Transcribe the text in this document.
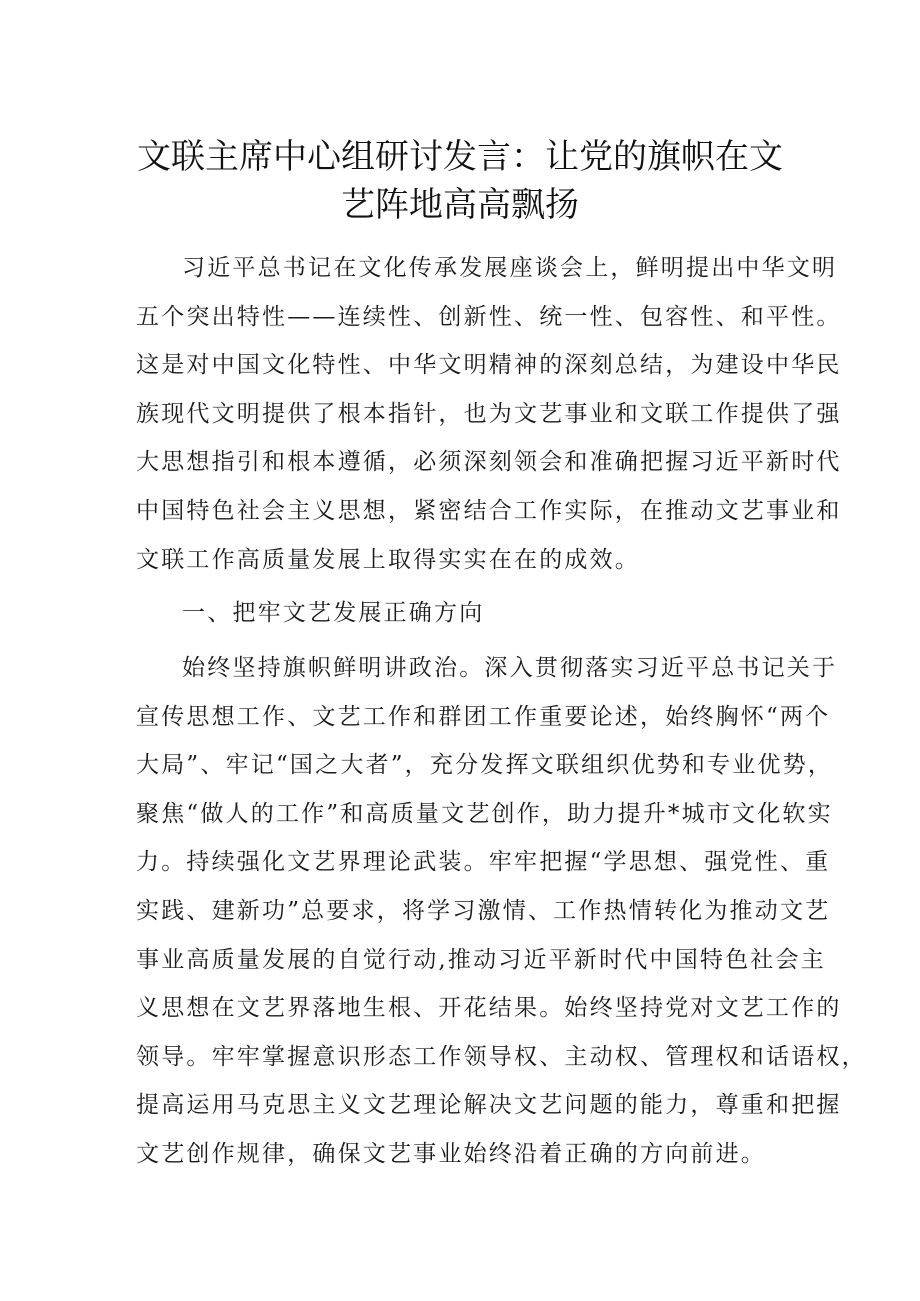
文联主席中心组研讨发言：让党的旗帜在文
艺阵地高高飘扬
习近平总书记在文化传承发展座谈会上，鲜明提出中华文明
五个突出特性——连续性、创新性、统一性、包容性、和平性。
这是对中国文化特性、中华文明精神的深刻总结，为建设中华民
族现代文明提供了根本指针，也为文艺事业和文联工作提供了强
大思想指引和根本遵循，必须深刻领会和准确把握习近平新时代
中国特色社会主义思想，紧密结合工作实际，在推动文艺事业和
文联工作高质量发展上取得实实在在的成效。
一、把牢文艺发展正确方向
始终坚持旗帜鲜明讲政治。深入贯彻落实习近平总书记关于
宣传思想工作、文艺工作和群团工作重要论述，始终胸怀“两个
大局”、牢记“国之大者”，充分发挥文联组织优势和专业优势，
聚焦“做人的工作”和高质量文艺创作，助力提升*城市文化软实
力。持续强化文艺界理论武装。牢牢把握“学思想、强党性、重
实践、建新功”总要求，将学习激情、工作热情转化为推动文艺
事业高质量发展的自觉行动,推动习近平新时代中国特色社会主
义思想在文艺界落地生根、开花结果。始终坚持党对文艺工作的
领导。牢牢掌握意识形态工作领导权、主动权、管理权和话语权，
提高运用马克思主义文艺理论解决文艺问题的能力，尊重和把握
文艺创作规律，确保文艺事业始终沿着正确的方向前进。
